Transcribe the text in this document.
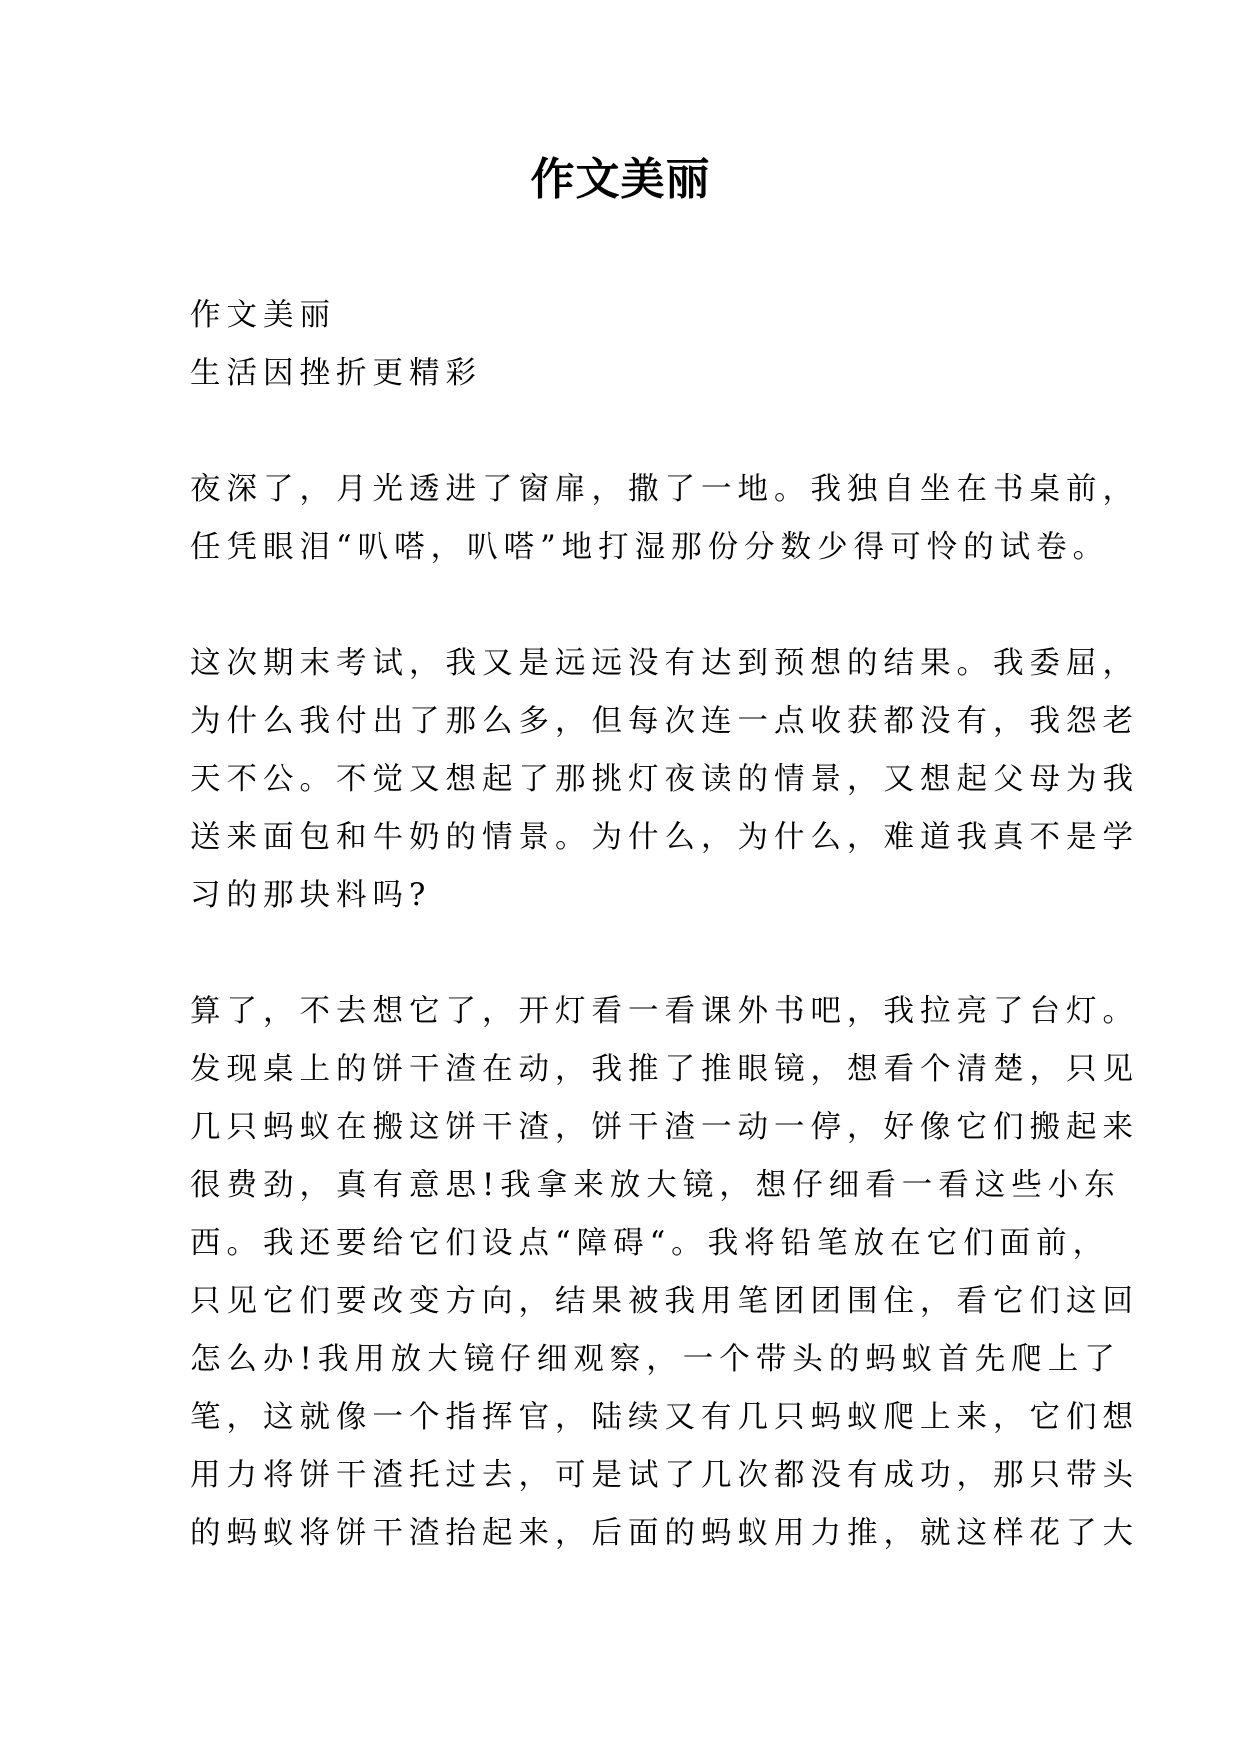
作文美丽
作文美丽
生活因挫折更精彩
夜深了，月光透进了窗扉，撒了一地。我独自坐在书桌前，
任凭眼泪“叭嗒，叭嗒”地打湿那份分数少得可怜的试卷。
这次期末考试，我又是远远没有达到预想的结果。我委屈，
为什么我付出了那么多，但每次连一点收获都没有，我怨老
天不公。不觉又想起了那挑灯夜读的情景，又想起父母为我
送来面包和牛奶的情景。为什么，为什么，难道我真不是学
习的那块料吗?
算了，不去想它了，开灯看一看课外书吧，我拉亮了台灯。
发现桌上的饼干渣在动，我推了推眼镜，想看个清楚，只见
几只蚂蚁在搬这饼干渣，饼干渣一动一停，好像它们搬起来
很费劲，真有意思!我拿来放大镜，想仔细看一看这些小东
西。我还要给它们设点“障碍“。我将铅笔放在它们面前，
只见它们要改变方向，结果被我用笔团团围住，看它们这回
怎么办!我用放大镜仔细观察，一个带头的蚂蚁首先爬上了
笔，这就像一个指挥官，陆续又有几只蚂蚁爬上来，它们想
用力将饼干渣托过去，可是试了几次都没有成功，那只带头
的蚂蚁将饼干渣抬起来，后面的蚂蚁用力推，就这样花了大
